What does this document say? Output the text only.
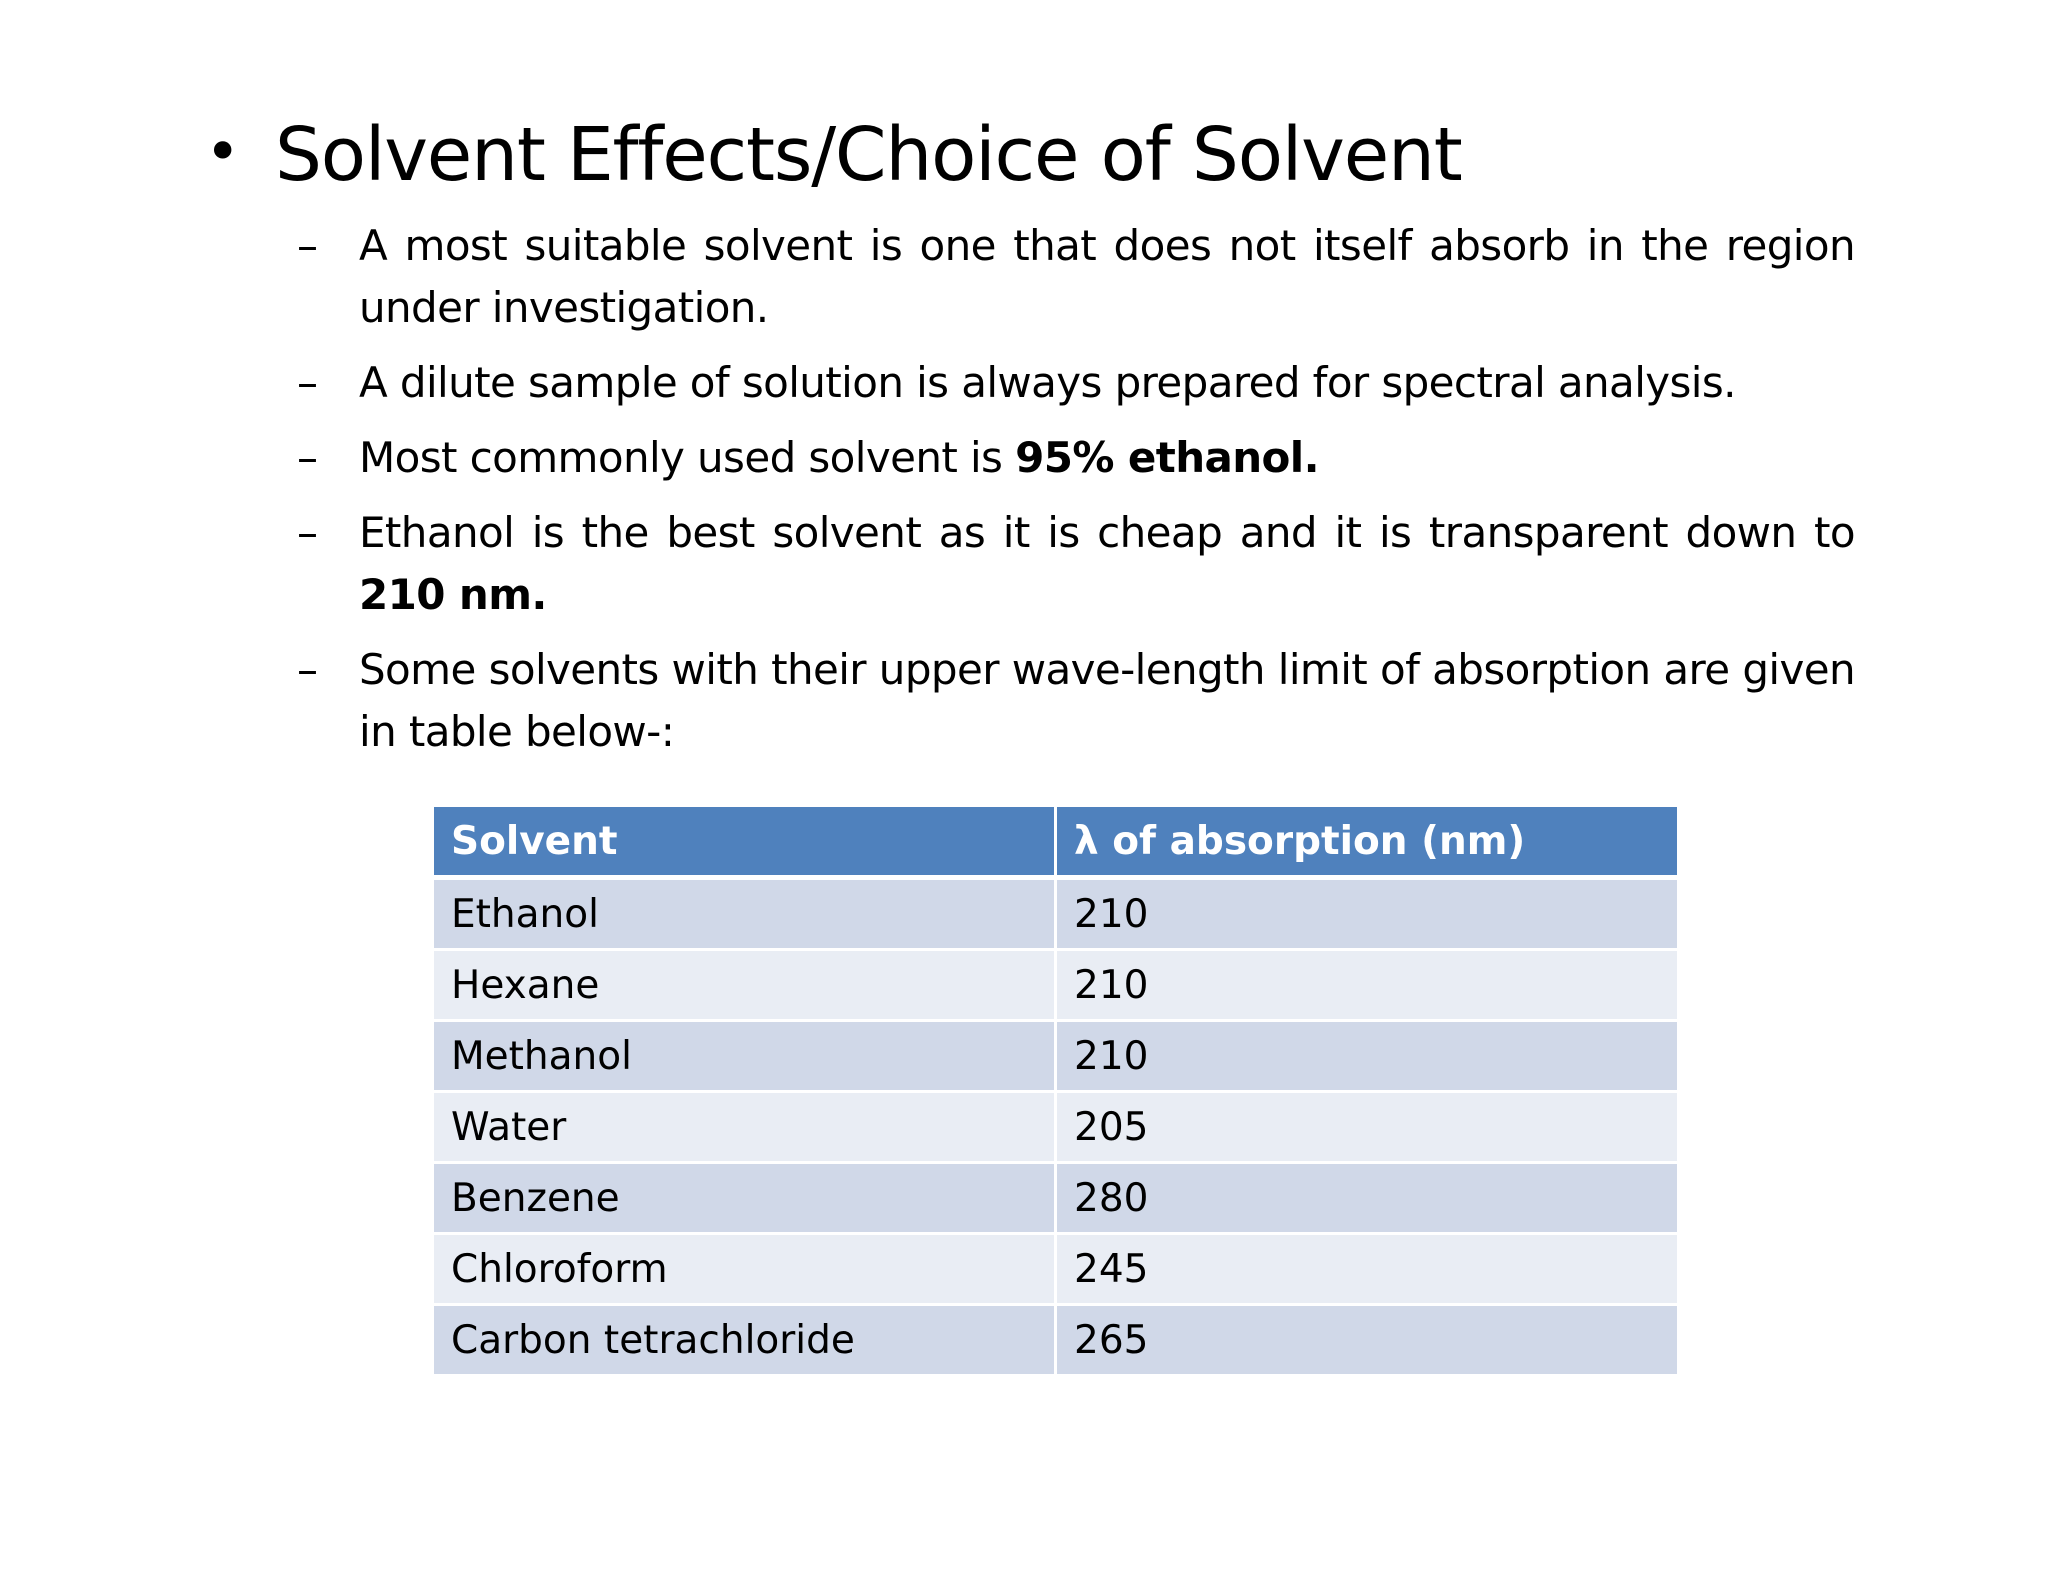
• Solvent Effects/Choice of Solvent
– A most suitable solvent is one that does not itself absorb in the region under investigation.
– A dilute sample of solution is always prepared for spectral analysis.
– Most commonly used solvent is 95% ethanol.
– Ethanol is the best solvent as it is cheap and it is transparent down to 210 nm.
– Some solvents with their upper wave-length limit of absorption are given in table below-:
Solvent	λ of absorption (nm)
Ethanol	210
Hexane	210
Methanol	210
Water	205
Benzene	280
Chloroform	245
Carbon tetrachloride	265
